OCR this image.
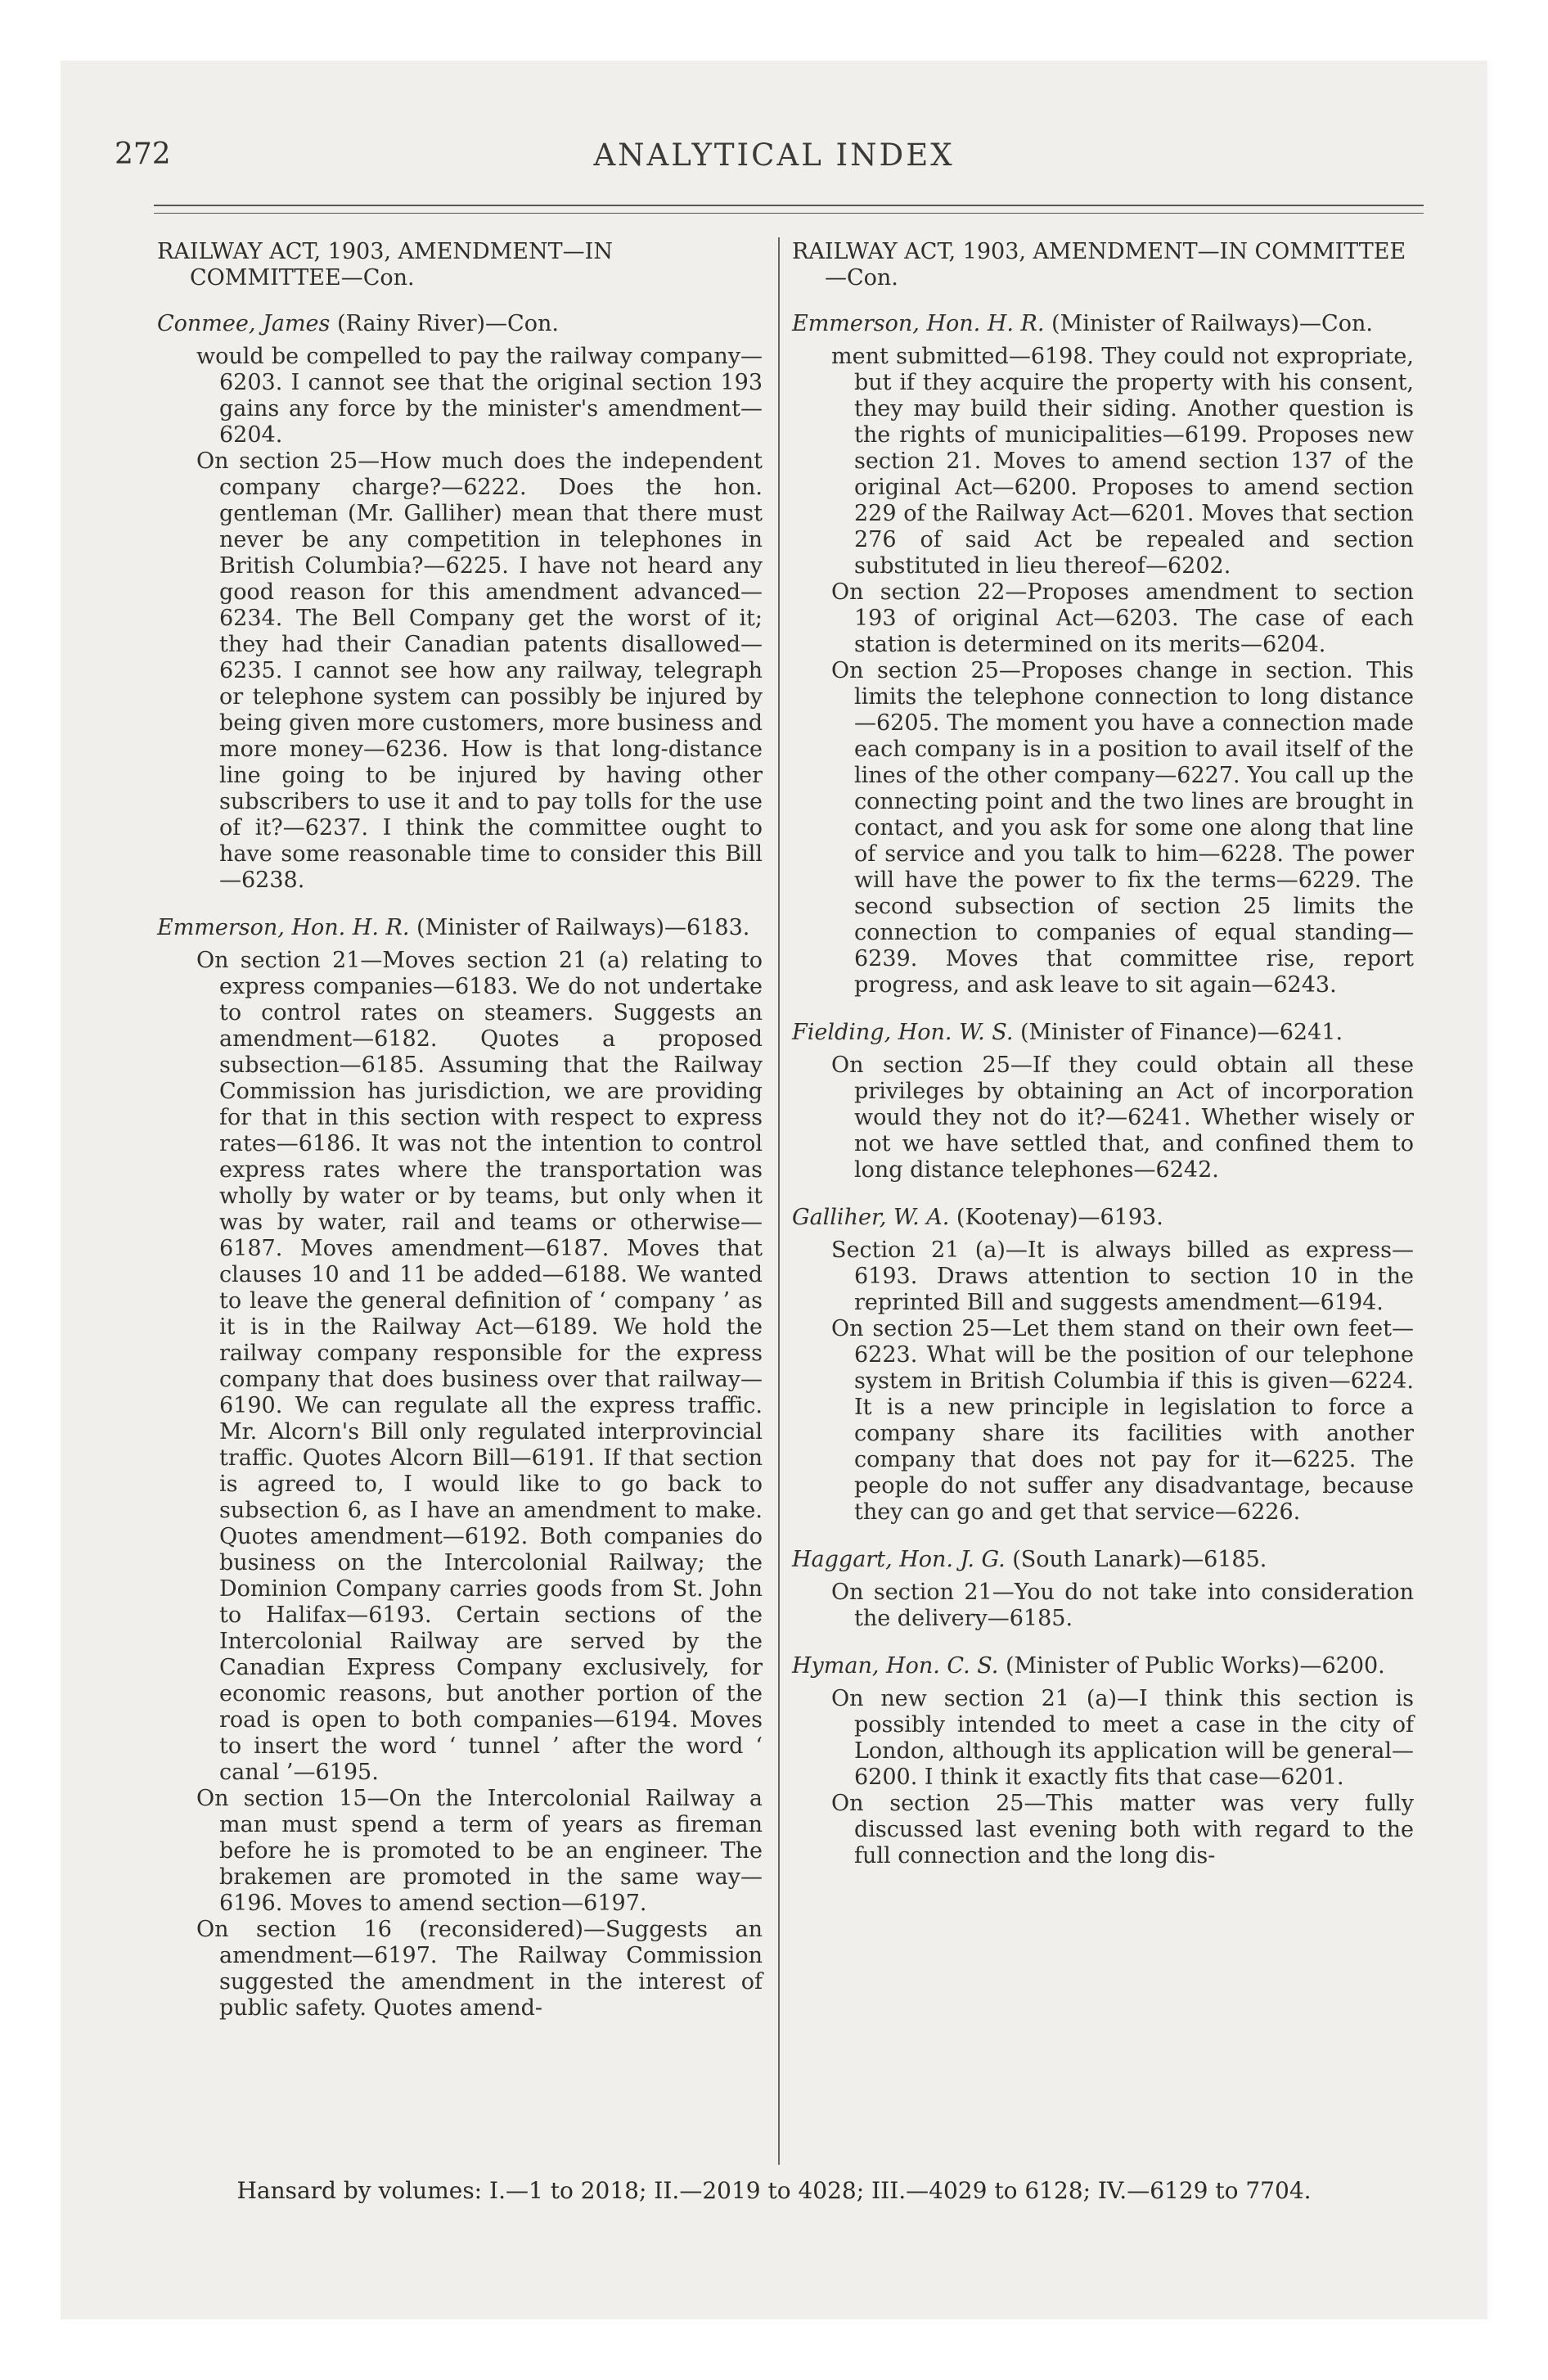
272	ANALYTICAL INDEX
RAILWAY ACT, 1903, AMENDMENT—IN COMMITTEE—Con.
Conmee, James (Rainy River)—Con.
would be compelled to pay the railway company—6203. I cannot see that the original section 193 gains any force by the minister's amendment—6204.
On section 25—How much does the independent company charge?—6222. Does the hon. gentleman (Mr. Galliher) mean that there must never be any competition in telephones in British Columbia?—6225. I have not heard any good reason for this amendment advanced—6234. The Bell Company get the worst of it; they had their Canadian patents disallowed—6235. I cannot see how any railway, telegraph or telephone system can possibly be injured by being given more customers, more business and more money—6236. How is that long-distance line going to be injured by having other subscribers to use it and to pay tolls for the use of it?—6237. I think the committee ought to have some reasonable time to consider this Bill—6238.
Emmerson, Hon. H. R. (Minister of Railways)—6183.
On section 21—Moves section 21 (a) relating to express companies—6183. We do not undertake to control rates on steamers. Suggests an amendment—6182. Quotes a proposed subsection—6185. Assuming that the Railway Commission has jurisdiction, we are providing for that in this section with respect to express rates—6186. It was not the intention to control express rates where the transportation was wholly by water or by teams, but only when it was by water, rail and teams or otherwise—6187. Moves amendment—6187. Moves that clauses 10 and 11 be added—6188. We wanted to leave the general definition of ‘ company ’ as it is in the Railway Act—6189. We hold the railway company responsible for the express company that does business over that railway—6190. We can regulate all the express traffic. Mr. Alcorn's Bill only regulated interprovincial traffic. Quotes Alcorn Bill—6191. If that section is agreed to, I would like to go back to subsection 6, as I have an amendment to make. Quotes amendment—6192. Both companies do business on the Intercolonial Railway; the Dominion Company carries goods from St. John to Halifax—6193. Certain sections of the Intercolonial Railway are served by the Canadian Express Company exclusively, for economic reasons, but another portion of the road is open to both companies—6194. Moves to insert the word ‘ tunnel ’ after the word ‘ canal ’—6195.
On section 15—On the Intercolonial Railway a man must spend a term of years as fireman before he is promoted to be an engineer. The brakemen are promoted in the same way—6196. Moves to amend section—6197.
On section 16 (reconsidered)—Suggests an amendment—6197. The Railway Commission suggested the amendment in the interest of public safety. Quotes amend-
RAILWAY ACT, 1903, AMENDMENT—IN COMMITTEE—Con.
Emmerson, Hon. H. R. (Minister of Railways)—Con.
ment submitted—6198. They could not expropriate, but if they acquire the property with his consent, they may build their siding. Another question is the rights of municipalities—6199. Proposes new section 21. Moves to amend section 137 of the original Act—6200. Proposes to amend section 229 of the Railway Act—6201. Moves that section 276 of said Act be repealed and section substituted in lieu thereof—6202.
On section 22—Proposes amendment to section 193 of original Act—6203. The case of each station is determined on its merits—6204.
On section 25—Proposes change in section. This limits the telephone connection to long distance—6205. The moment you have a connection made each company is in a position to avail itself of the lines of the other company—6227. You call up the connecting point and the two lines are brought in contact, and you ask for some one along that line of service and you talk to him—6228. The power will have the power to fix the terms—6229. The second subsection of section 25 limits the connection to companies of equal standing—6239. Moves that committee rise, report progress, and ask leave to sit again—6243.
Fielding, Hon. W. S. (Minister of Finance)—6241.
On section 25—If they could obtain all these privileges by obtaining an Act of incorporation would they not do it?—6241. Whether wisely or not we have settled that, and confined them to long distance telephones—6242.
Galliher, W. A. (Kootenay)—6193.
Section 21 (a)—It is always billed as express—6193. Draws attention to section 10 in the reprinted Bill and suggests amendment—6194.
On section 25—Let them stand on their own feet—6223. What will be the position of our telephone system in British Columbia if this is given—6224. It is a new principle in legislation to force a company share its facilities with another company that does not pay for it—6225. The people do not suffer any disadvantage, because they can go and get that service—6226.
Haggart, Hon. J. G. (South Lanark)—6185.
On section 21—You do not take into consideration the delivery—6185.
Hyman, Hon. C. S. (Minister of Public Works)—6200.
On new section 21 (a)—I think this section is possibly intended to meet a case in the city of London, although its application will be general—6200. I think it exactly fits that case—6201.
On section 25—This matter was very fully discussed last evening both with regard to the full connection and the long dis-
Hansard by volumes: I.—1 to 2018; II.—2019 to 4028; III.—4029 to 6128; IV.—6129 to 7704.
